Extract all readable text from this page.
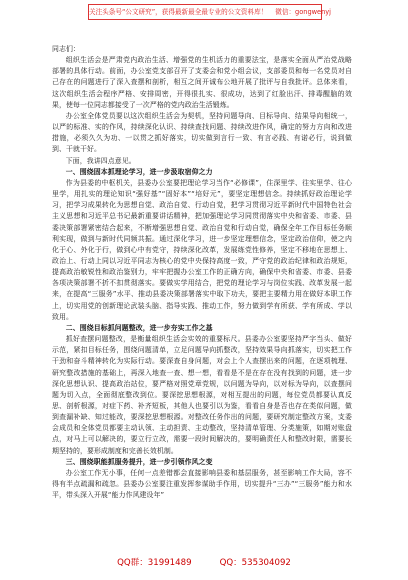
关注头条号“公文研究”，获得最新最全最专业的公文资料库！ 微信：gongwenyj

同志们：

组织生活会是严肃党内政治生活、增强党的生机活力的重要法宝，是落实全面从严治党战略部署的具体行动。前面，办公室党支部召开了支委会和党小组会议，支部委员和每一名党员对自己存在的问题进行了深入查摆和剖析，相互之间开诚布公地开展了批评与自我批评。总体来看，这次组织生活会程序严格、安排周密，开得很扎实、很成功，达到了红脸出汗、排毒醒脑的效果，使每一位同志都接受了一次严格的党内政治生活锻炼。

办公室全体党员要以这次组织生活会为契机，坚持问题导向、目标导向、结果导向相统一，以严的标准、实的作风，持续深化认识、持续查找问题、持续改进作风，确定的努力方向和改进措施，必须久久为功、一以贯之抓好落实，切实做到言行一致、有言必践、有诺必行，说到做到、干就干好。

下面，我讲四点意见。

一、围绕固本抓理论学习，进一步汲取宿仰之力

作为县委的中枢机关，县委办公室要把理论学习当作“必修课”，住深里学、往实里学、往心里学，用扎实的理论知识“强好基”“固好本”“培好元”，要坚定理想信念。持续抓好政治理论学习，把学习成果转化为思想自觉、政治自觉、行动自觉，把学习贯彻习近平新时代中国特色社会主义思想和习近平总书记最新重要讲话精神，把加强理论学习同贯彻落实中央和省委、市委、县委决策部署紧密结合起来，不断增强思想自觉、政治自觉和行动自觉，确保全年工作目标任务顺利实现，做到与新时代同频共振。通过深化学习，进一步坚定理想信念，坚定政治信仰，使之内化于心、外化于行，做到心中有党守，持续深化改革，发展练党性修养，坚定不移地在思想上、政治上、行动上同以习近平同志为核心的党中央保持高度一致，严守党的政治纪律和政治规矩，提高政治敏锐性和政治鉴别力，牢牢把握办公室工作的正确方向，确保中央和省委、市委、县委各项决策部署不折不扣贯彻落实。要做实学用结合，把党的理论学习与岗位实践、改革发展一起来，在提高“三服务”水平、推动县委决策部署落实中取下功夫，要把主要精力用在做好本职工作上，切实用党的创新理论武装头脑、指导实践、推动工作，努力做到学有所获、学有所成、学以致用。

二、围绕目标抓问题整改，进一步夯实工作之基

抓好查摆问题整改，是衡量组织生活会实效的重要标尺。县委办公室要坚持严字当头、做好示范，紧扣目标任务，围绕问题清单，立足问题导向抓整改，坚持效果导向抓落实，切实把工作干劲和奋斗精神转化为实际行动。要深查自身问题，对会上个人查摆出来的问题，在逐项梳理、研究整改措施的基础上，再深入地查一查、想一想，看看是不是在存在没有找到的问题，进一步深化思想认识、提高政治站位，要严格对照党章党规，以问题为导向，以对标为导向，以查摆问题为切入点，全面彻底整改到位。要深挖思想根源，对相互提出的问题，每位党员都要认真反思、剖析根源，对症下药、补齐短板，其他人也要引以为鉴，看看自身是否也存在类似问题，做到查漏补缺、知过能改，要深挖思想根源。对整改任务作出的问题，要研究制定整改方案，支委会成员和全体党员都要主动认领、主动担责、主动整改，坚持清单管理、分类施策，如期对账盘点，对马上可以解决的，要立行立改，需要一段时间解决的，要明确责任人和整改时限，需要长期坚持的，要形成制度和完善长效机制。

三、围绕职能抓服务提升，进一步引领作风之变

办公室工作无小事，任何一点差错都会直接影响县委和基层服务，甚至影响工作大局，容不得有半点疏漏和疏忽。县委办公室要注重发挥参谋助手作用，切实提升“三办”“三服务”能力和水平，带头深入开展“能力作风建设年”

QQ群：31991489	QQ：535304092
